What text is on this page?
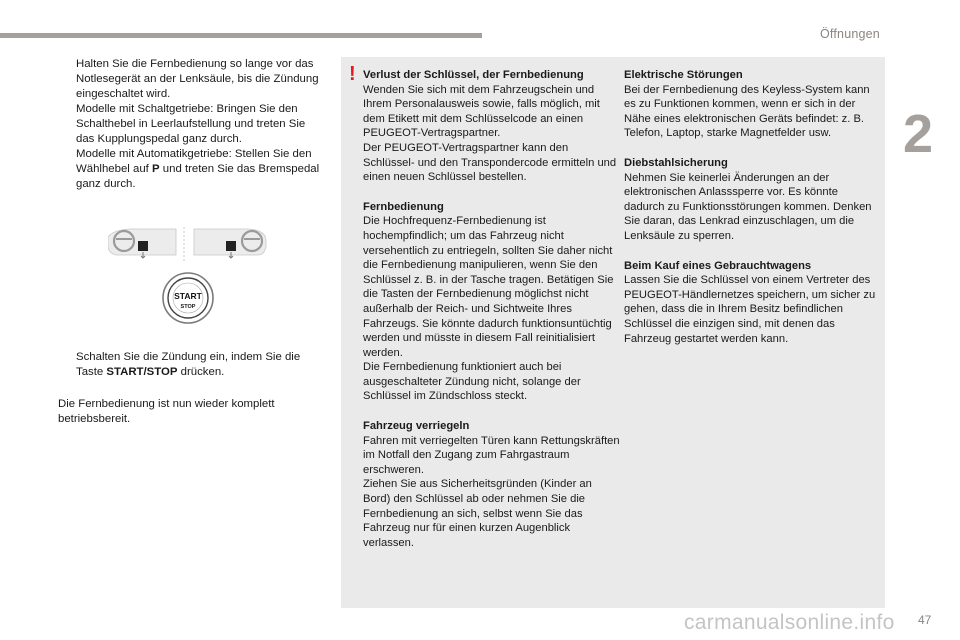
Öffnungen
2
Halten Sie die Fernbedienung so lange vor das Notlesegerät an der Lenksäule, bis die Zündung eingeschaltet wird.
Modelle mit Schaltgetriebe: Bringen Sie den Schalthebel in Leerlaufstellung und treten Sie das Kupplungspedal ganz durch.
Modelle mit Automatikgetriebe: Stellen Sie den Wählhebel auf P und treten Sie das Bremspedal ganz durch.
START
STOP
Schalten Sie die Zündung ein, indem Sie die Taste START/STOP drücken.
Die Fernbedienung ist nun wieder komplett betriebsbereit.
! Verlust der Schlüssel, der Fernbedienung

Wenden Sie sich mit dem Fahrzeugschein und Ihrem Personalausweis sowie, falls möglich, mit dem Etikett mit dem Schlüsselcode an einen PEUGEOT-Vertragspartner.
Der PEUGEOT-Vertragspartner kann den Schlüssel- und den Transpondercode ermitteln und einen neuen Schlüssel bestellen.

Fernbedienung

Die Hochfrequenz-Fernbedienung ist hochempfindlich; um das Fahrzeug nicht versehentlich zu entriegeln, sollten Sie daher nicht die Fernbedienung manipulieren, wenn Sie den Schlüssel z. B. in der Tasche tragen. Betätigen Sie die Tasten der Fernbedienung möglichst nicht außerhalb der Reich- und Sichtweite Ihres Fahrzeugs. Sie könnte dadurch funktionsuntüchtig werden und müsste in diesem Fall reinitialisiert werden.
Die Fernbedienung funktioniert auch bei ausgeschalteter Zündung nicht, solange der Schlüssel im Zündschloss steckt.

Fahrzeug verriegeln

Fahren mit verriegelten Türen kann Rettungskräften im Notfall den Zugang zum Fahrgastraum erschweren.
Ziehen Sie aus Sicherheitsgründen (Kinder an Bord) den Schlüssel ab oder nehmen Sie die Fernbedienung an sich, selbst wenn Sie das Fahrzeug nur für einen kurzen Augenblick verlassen.

Elektrische Störungen

Bei der Fernbedienung des Keyless-System kann es zu Funktionen kommen, wenn er sich in der Nähe eines elektronischen Geräts befindet: z. B. Telefon, Laptop, starke Magnetfelder usw.

Diebstahlsicherung

Nehmen Sie keinerlei Änderungen an der elektronischen Anlasssperre vor. Es könnte dadurch zu Funktionsstörungen kommen. Denken Sie daran, das Lenkrad einzuschlagen, um die Lenksäule zu sperren.

Beim Kauf eines Gebrauchtwagens

Lassen Sie die Schlüssel von einem Vertreter des PEUGEOT-Händlernetzes speichern, um sicher zu gehen, dass die in Ihrem Besitz befindlichen Schlüssel die einzigen sind, mit denen das Fahrzeug gestartet werden kann.

carmanualsonline.info 47
